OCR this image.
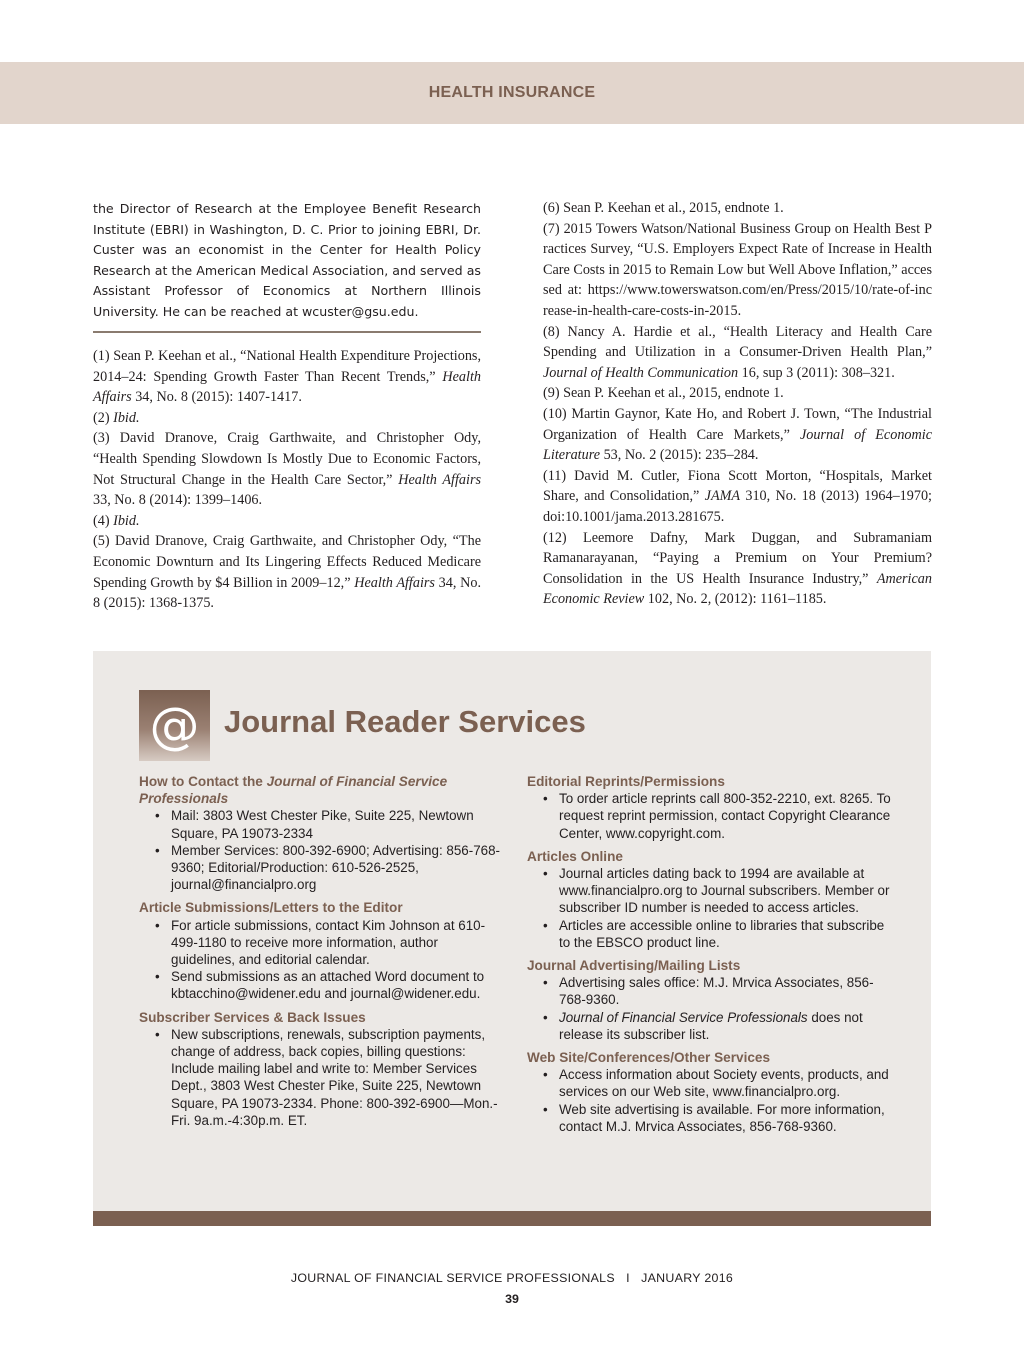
HEALTH INSURANCE
the Director of Research at the Employee Benefit Research Institute (EBRI) in Washington, D. C. Prior to joining EBRI, Dr. Custer was an economist in the Center for Health Policy Research at the American Medical Association, and served as Assistant Professor of Economics at Northern Illinois University. He can be reached at wcuster@gsu.edu.

(1) Sean P. Keehan et al., “National Health Expenditure Projections, 2014–24: Spending Growth Faster Than Recent Trends,” Health Affairs 34, No. 8 (2015): 1407-1417.

(2) Ibid.

(3) David Dranove, Craig Garthwaite, and Christopher Ody, “Health Spending Slowdown Is Mostly Due to Economic Factors, Not Structural Change in the Health Care Sector,” Health Affairs 33, No. 8 (2014): 1399–1406.

(4) Ibid.

(5) David Dranove, Craig Garthwaite, and Christopher Ody, “The Economic Downturn and Its Lingering Effects Reduced Medicare Spending Growth by $4 Billion in 2009–12,” Health Affairs 34, No. 8 (2015): 1368-1375.

(6) Sean P. Keehan et al., 2015, endnote 1.

(7) 2015 Towers Watson/National Business Group on Health Best Practices Survey, “U.S. Employers Expect Rate of Increase in Health Care Costs in 2015 to Remain Low but Well Above Inflation,” accessed at: https://www.towerswatson.com/en/Press/2015/10/rate-of-increase-in-health-care-costs-in-2015.

(8) Nancy A. Hardie et al., “Health Literacy and Health Care Spending and Utilization in a Consumer-Driven Health Plan,” Journal of Health Communication 16, sup 3 (2011): 308–321.

(9) Sean P. Keehan et al., 2015, endnote 1.

(10) Martin Gaynor, Kate Ho, and Robert J. Town, “The Industrial Organization of Health Care Markets,” Journal of Economic Literature 53, No. 2 (2015): 235–284.

(11) David M. Cutler, Fiona Scott Morton, “Hospitals, Market Share, and Consolidation,” JAMA 310, No. 18 (2013) 1964–1970; doi:10.1001/jama.2013.281675.

(12) Leemore Dafny, Mark Duggan, and Subramaniam Ramanarayanan, “Paying a Premium on Your Premium? Consolidation in the US Health Insurance Industry,” American Economic Review 102, No. 2, (2012): 1161–1185.

@ Journal Reader Services
How to Contact the Journal of Financial Service Professionals
• Mail: 3803 West Chester Pike, Suite 225, Newtown Square, PA 19073-2334
• Member Services: 800-392-6900; Advertising: 856-768-9360; Editorial/Production: 610-526-2525, journal@financialpro.org
Article Submissions/Letters to the Editor
• For article submissions, contact Kim Johnson at 610-499-1180 to receive more information, author guidelines, and editorial calendar.
• Send submissions as an attached Word document to kbtacchino@widener.edu and journal@widener.edu.
Subscriber Services & Back Issues
• New subscriptions, renewals, subscription payments, change of address, back copies, billing questions: Include mailing label and write to: Member Services Dept., 3803 West Chester Pike, Suite 225, Newtown Square, PA 19073-2334. Phone: 800-392-6900—Mon.-Fri. 9a.m.-4:30p.m. ET.
Editorial Reprints/Permissions
• To order article reprints call 800-352-2210, ext. 8265. To request reprint permission, contact Copyright Clearance Center, www.copyright.com.
Articles Online
• Journal articles dating back to 1994 are available at www.financialpro.org to Journal subscribers. Member or subscriber ID number is needed to access articles.
• Articles are accessible online to libraries that subscribe to the EBSCO product line.
Journal Advertising/Mailing Lists
• Advertising sales office: M.J. Mrvica Associates, 856-768-9360.
• Journal of Financial Service Professionals does not release its subscriber list.
Web Site/Conferences/Other Services
• Access information about Society events, products, and services on our Web site, www.financialpro.org.
• Web site advertising is available. For more information, contact M.J. Mrvica Associates, 856-768-9360.
JOURNAL OF FINANCIAL SERVICE PROFESSIONALS   I   JANUARY 2016
39
